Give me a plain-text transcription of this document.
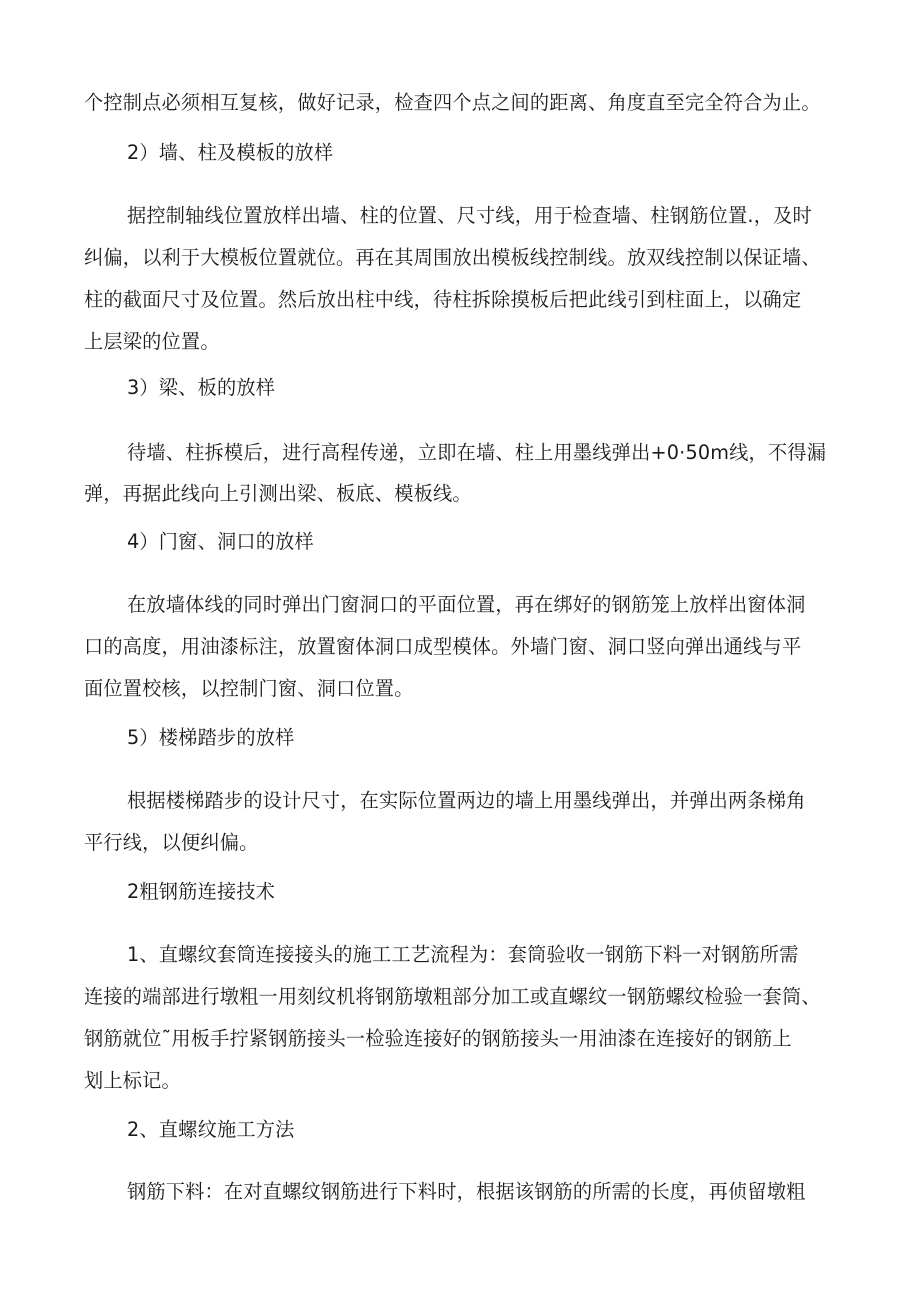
个控制点必须相互复核，做好记录，检查四个点之间的距离、角度直至完全符合为止。
2）墙、柱及模板的放样
据控制轴线位置放样出墙、柱的位置、尺寸线，用于检查墙、柱钢筋位置.，及时
纠偏，以利于大模板位置就位。再在其周围放出模板线控制线。放双线控制以保证墙、
柱的截面尺寸及位置。然后放出柱中线，待柱拆除摸板后把此线引到柱面上，以确定
上层梁的位置。
3）梁、板的放样
待墙、柱拆模后，进行高程传递，立即在墙、柱上用墨线弹出+0·50m线，不得漏
弹，再据此线向上引测出梁、板底、模板线。
4）门窗、洞口的放样
在放墙体线的同时弹出门窗洞口的平面位置，再在绑好的钢筋笼上放样出窗体洞
口的高度，用油漆标注，放置窗体洞口成型模体。外墙门窗、洞口竖向弹出通线与平
面位置校核，以控制门窗、洞口位置。
5）楼梯踏步的放样
根据楼梯踏步的设计尺寸，在实际位置两边的墙上用墨线弹出，并弹出两条梯角
平行线，以便纠偏。
2粗钢筋连接技术
1、直螺纹套筒连接接头的施工工艺流程为：套筒验收一钢筋下料一对钢筋所需
连接的端部进行墩粗一用刻纹机将钢筋墩粗部分加工或直螺纹一钢筋螺纹检验一套筒、
钢筋就位˜用板手拧紧钢筋接头一检验连接好的钢筋接头一用油漆在连接好的钢筋上
划上标记。
2、直螺纹施工方法
钢筋下料：在对直螺纹钢筋进行下料时，根据该钢筋的所需的长度，再侦留墩粗
